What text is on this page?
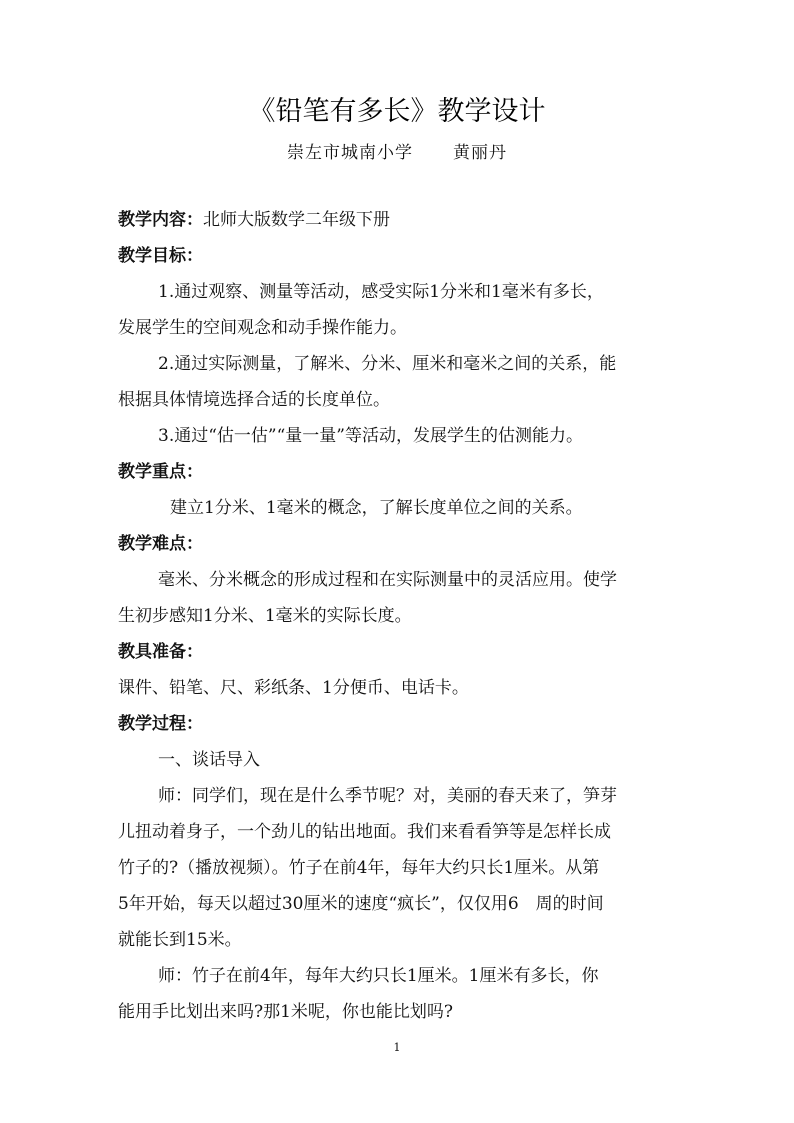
《铅笔有多长》教学设计
崇左市城南小学 黄丽丹
教学内容：北师大版数学二年级下册
教学目标：
1.通过观察、测量等活动，感受实际1分米和1毫米有多长，
发展学生的空间观念和动手操作能力。
2.通过实际测量，了解米、分米、厘米和毫米之间的关系，能
根据具体情境选择合适的长度单位。
3.通过“估一估”“量一量”等活动，发展学生的估测能力。
教学重点：
建立1分米、1毫米的概念，了解长度单位之间的关系。
教学难点：
毫米、分米概念的形成过程和在实际测量中的灵活应用。使学
生初步感知1分米、1毫米的实际长度。
教具准备：
课件、铅笔、尺、彩纸条、1分便币、电话卡。
教学过程：
一、谈话导入
师：同学们，现在是什么季节呢？对，美丽的春天来了，笋芽
儿扭动着身子，一个劲儿的钻出地面。我们来看看笋等是怎样长成
竹子的?（播放视频）。竹子在前4年，每年大约只长1厘米。从第
5年开始，每天以超过30厘米的速度“疯长”，仅仅用6　周的时间
就能长到15米。
师：竹子在前4年，每年大约只长1厘米。1厘米有多长，你
能用手比划出来吗?那1米呢，你也能比划吗?
1
